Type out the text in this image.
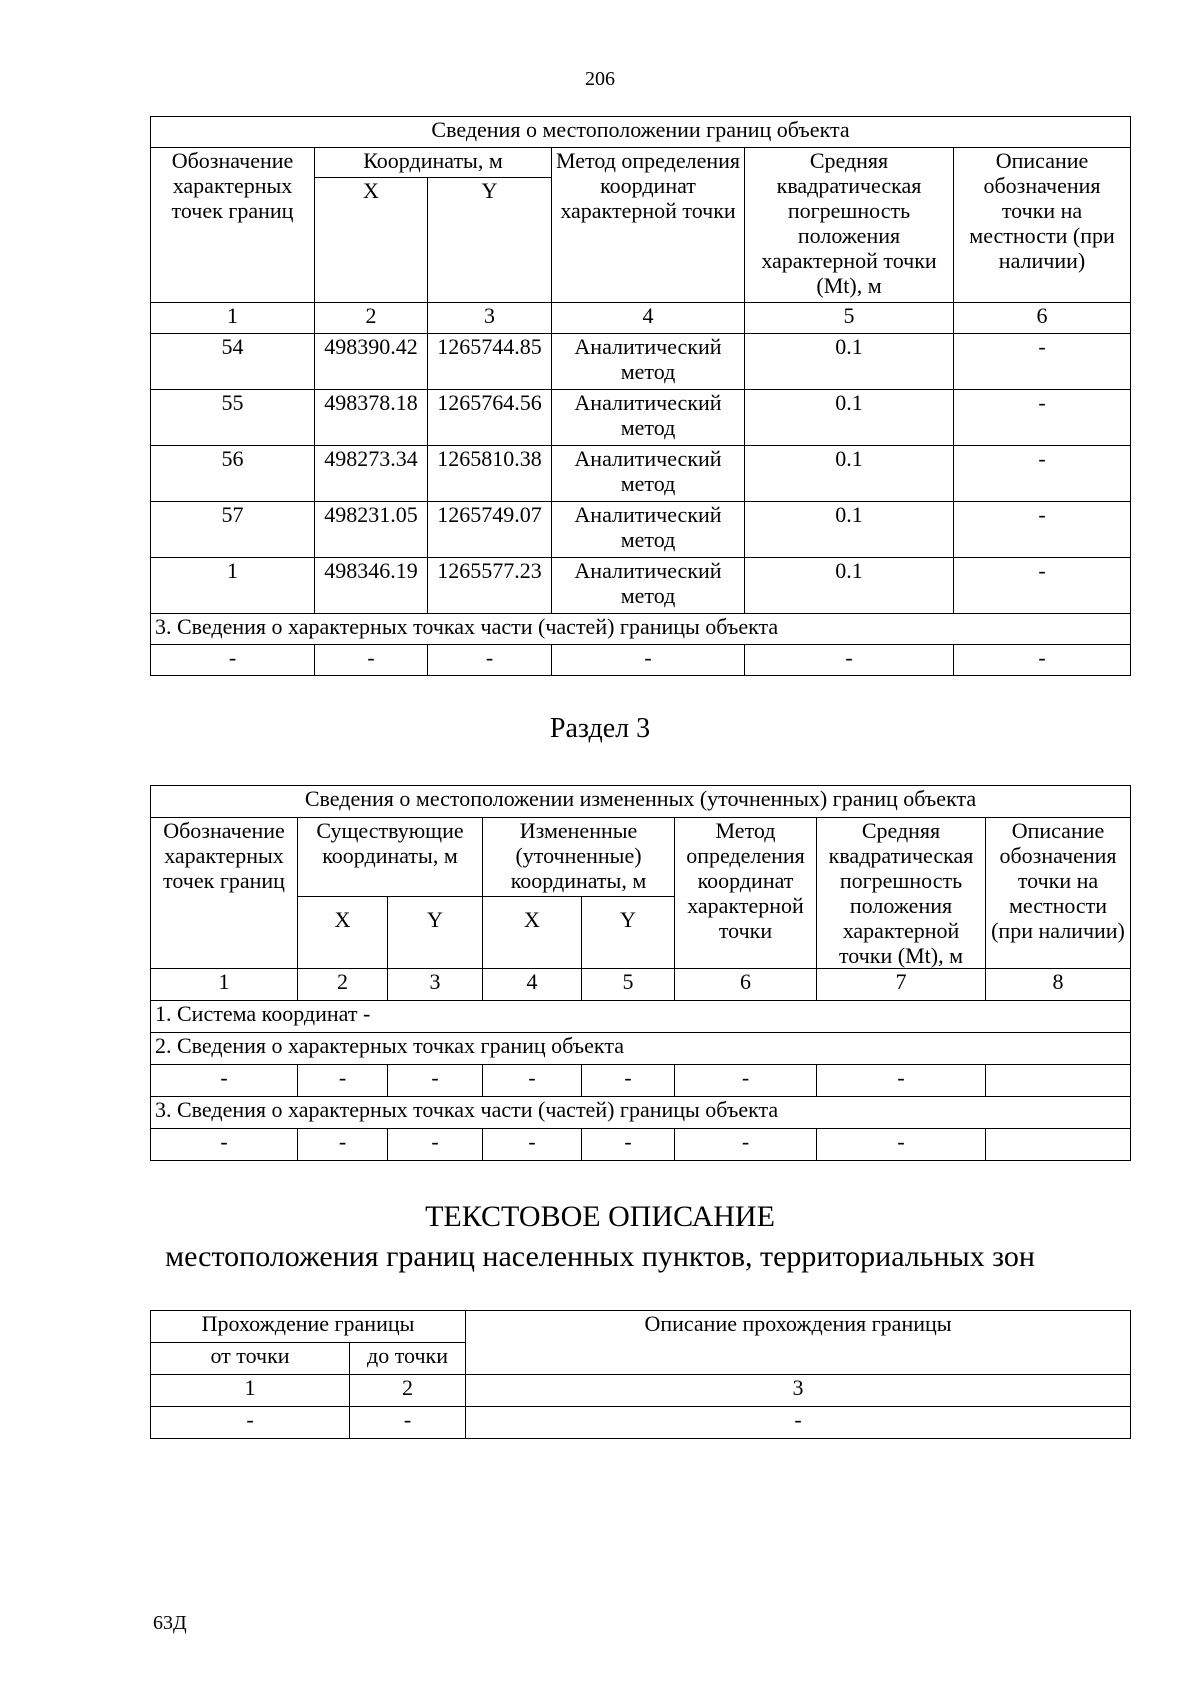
206
Сведения о местоположении границ объекта					
Обозначение характерных точек границ	Координаты, м		Метод определения координат характерной точки	Средняя квадратическая погрешность положения характерной точки (Mt), м	Описание обозначения точки на местности (при наличии)
	X	Y			
1	2	3	4	5	6
54	498390.42	1265744.85	Аналитический метод	0.1	-
55	498378.18	1265764.56	Аналитический метод	0.1	-
56	498273.34	1265810.38	Аналитический метод	0.1	-
57	498231.05	1265749.07	Аналитический метод	0.1	-
1	498346.19	1265577.23	Аналитический метод	0.1	-
3. Сведения о характерных точках части (частей) границы объекта					
-	-	-	-	-	-
Раздел 3
Сведения о местоположении измененных (уточненных) границ объекта							
Обозначение характерных точек границ	Существующие координаты, м		Измененные (уточненные) координаты, м		Метод определения координат характерной точки	Средняя квадратическая погрешность положения характерной точки (Mt), м	Описание обозначения точки на местности (при наличии)
	X	Y	X	Y			
1	2	3	4	5	6	7	8
1. Система координат -							
2. Сведения о характерных точках границ объекта							
-	-	-	-	-	-	-	
3. Сведения о характерных точках части (частей) границы объекта							
-	-	-	-	-	-	-	
ТЕКСТОВОЕ ОПИСАНИЕ
местоположения границ населенных пунктов, территориальных зон
Прохождение границы		Описание прохождения границы
от точки	до точки	
1	2	3
-	-	-
63Д
